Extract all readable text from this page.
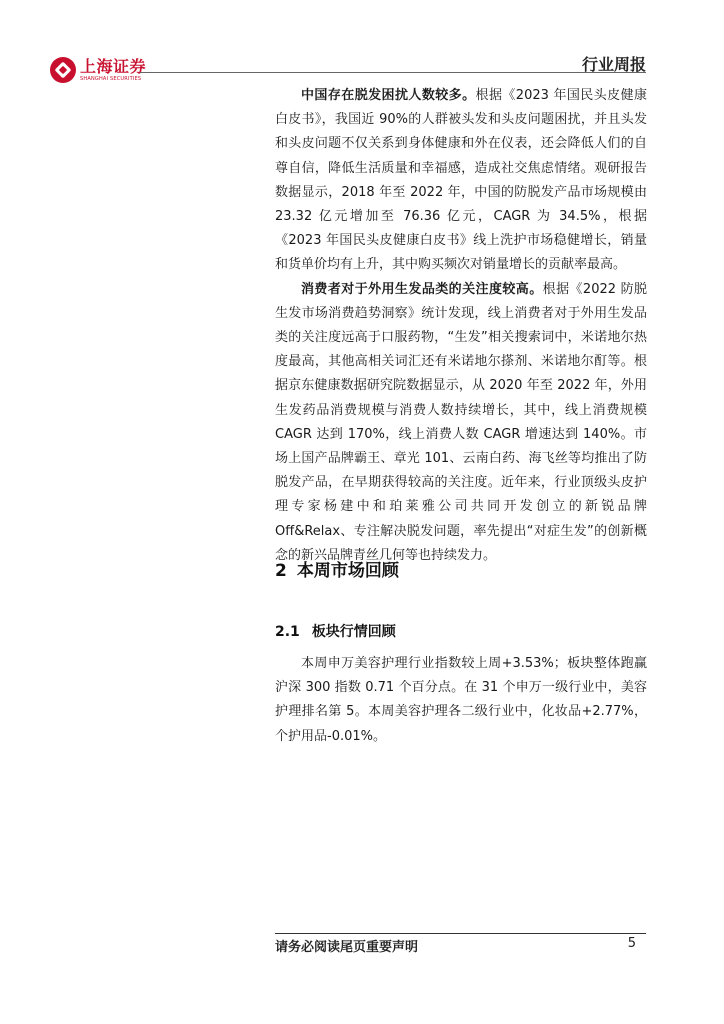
上海证券
SHANGHAI SECURITIES
行业周报

中国存在脱发困扰人数较多。根据《2023 年国民头皮健康白皮书》，我国近 90%的人群被头发和头皮问题困扰，并且头发和头皮问题不仅关系到身体健康和外在仪表，还会降低人们的自尊自信，降低生活质量和幸福感，造成社交焦虑情绪。观研报告数据显示，2018 年至 2022 年，中国的防脱发产品市场规模由 23.32 亿元增加至 76.36 亿元，CAGR 为 34.5%，根据《2023 年国民头皮健康白皮书》线上洗护市场稳健增长，销量和货单价均有上升，其中购买频次对销量增长的贡献率最高。

消费者对于外用生发品类的关注度较高。根据《2022 防脱生发市场消费趋势洞察》统计发现，线上消费者对于外用生发品类的关注度远高于口服药物，“生发”相关搜索词中，米诺地尔热度最高，其他高相关词汇还有米诺地尔搽剂、米诺地尔酊等。根据京东健康数据研究院数据显示，从 2020 年至 2022 年，外用生发药品消费规模与消费人数持续增长，其中，线上消费规模 CAGR 达到 170%，线上消费人数 CAGR 增速达到 140%。市场上国产品牌霸王、章光 101、云南白药、海飞丝等均推出了防脱发产品，在早期获得较高的关注度。近年来，行业顶级头皮护理专家杨建中和珀莱雅公司共同开发创立的新锐品牌 Off&Relax、专注解决脱发问题，率先提出“对症生发”的创新概念的新兴品牌青丝几何等也持续发力。

2 本周市场回顾
2.1 板块行情回顾

本周申万美容护理行业指数较上周+3.53%；板块整体跑赢沪深 300 指数 0.71 个百分点。在 31 个申万一级行业中，美容护理排名第 5。本周美容护理各二级行业中，化妆品+2.77%，个护用品-0.01%。

请务必阅读尾页重要声明	5
